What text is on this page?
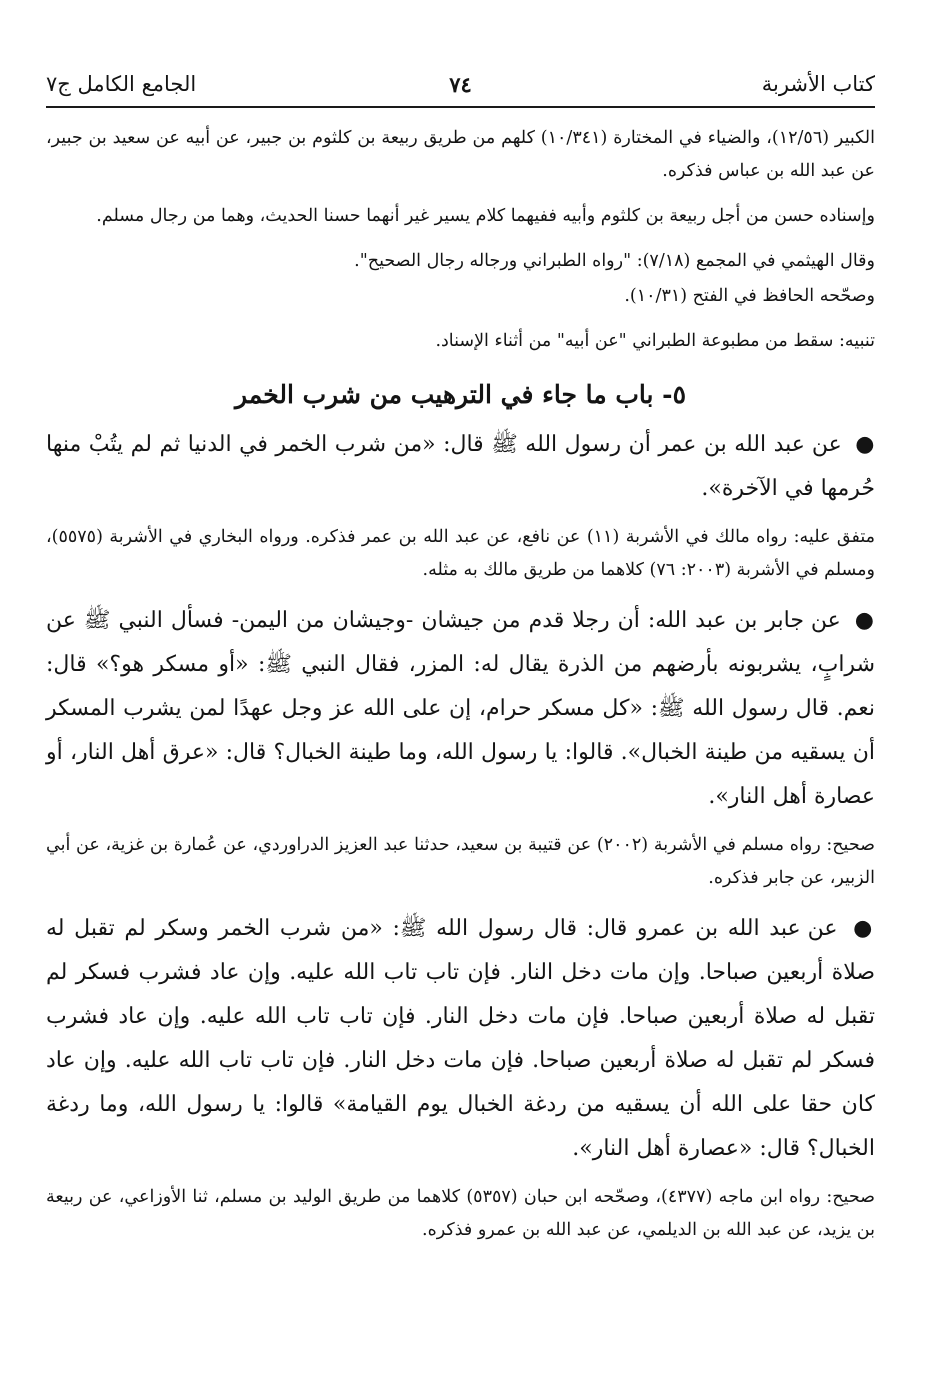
كتاب الأشربة
٧٤
الجامع الكامل ج٧

الكبير (١٢/٥٦)، والضياء في المختارة (١٠/٣٤١) كلهم من طريق ربيعة بن كلثوم بن جبير، عن أبيه عن سعيد بن جبير، عن عبد الله بن عباس فذكره.

وإسناده حسن من أجل ربيعة بن كلثوم وأبيه ففيهما كلام يسير غير أنهما حسنا الحديث، وهما من رجال مسلم.

وقال الهيثمي في المجمع (٧/١٨): "رواه الطبراني ورجاله رجال الصحيح".

وصحّحه الحافظ في الفتح (١٠/٣١).

تنبيه: سقط من مطبوعة الطبراني "عن أبيه" من أثناء الإسناد.

٥- باب ما جاء في الترهيب من شرب الخمر

● عن عبد الله بن عمر أن رسول الله ﷺ قال: «من شرب الخمر في الدنيا ثم لم يتُبْ منها حُرمها في الآخرة».

متفق عليه: رواه مالك في الأشربة (١١) عن نافع، عن عبد الله بن عمر فذكره. ورواه البخاري في الأشربة (٥٥٧٥)، ومسلم في الأشربة (٢٠٠٣: ٧٦) كلاهما من طريق مالك به مثله.

● عن جابر بن عبد الله: أن رجلا قدم من جيشان -وجيشان من اليمن- فسأل النبي ﷺ عن شرابٍ، يشربونه بأرضهم من الذرة يقال له: المزر، فقال النبي ﷺ: «أو مسكر هو؟» قال: نعم. قال رسول الله ﷺ: «كل مسكر حرام، إن على الله عز وجل عهدًا لمن يشرب المسكر أن يسقيه من طينة الخبال». قالوا: يا رسول الله، وما طينة الخبال؟ قال: «عرق أهل النار، أو عصارة أهل النار».

صحيح: رواه مسلم في الأشربة (٢٠٠٢) عن قتيبة بن سعيد، حدثنا عبد العزيز الدراوردي، عن عُمارة بن غزية، عن أبي الزبير، عن جابر فذكره.

● عن عبد الله بن عمرو قال: قال رسول الله ﷺ: «من شرب الخمر وسكر لم تقبل له صلاة أربعين صباحا. وإن مات دخل النار. فإن تاب تاب الله عليه. وإن عاد فشرب فسكر لم تقبل له صلاة أربعين صباحا. فإن مات دخل النار. فإن تاب تاب الله عليه. وإن عاد فشرب فسكر لم تقبل له صلاة أربعين صباحا. فإن مات دخل النار. فإن تاب تاب الله عليه. وإن عاد كان حقا على الله أن يسقيه من ردغة الخبال يوم القيامة» قالوا: يا رسول الله، وما ردغة الخبال؟ قال: «عصارة أهل النار».

صحيح: رواه ابن ماجه (٤٣٧٧)، وصحّحه ابن حبان (٥٣٥٧) كلاهما من طريق الوليد بن مسلم، ثنا الأوزاعي، عن ربيعة بن يزيد، عن عبد الله بن الديلمي، عن عبد الله بن عمرو فذكره.
